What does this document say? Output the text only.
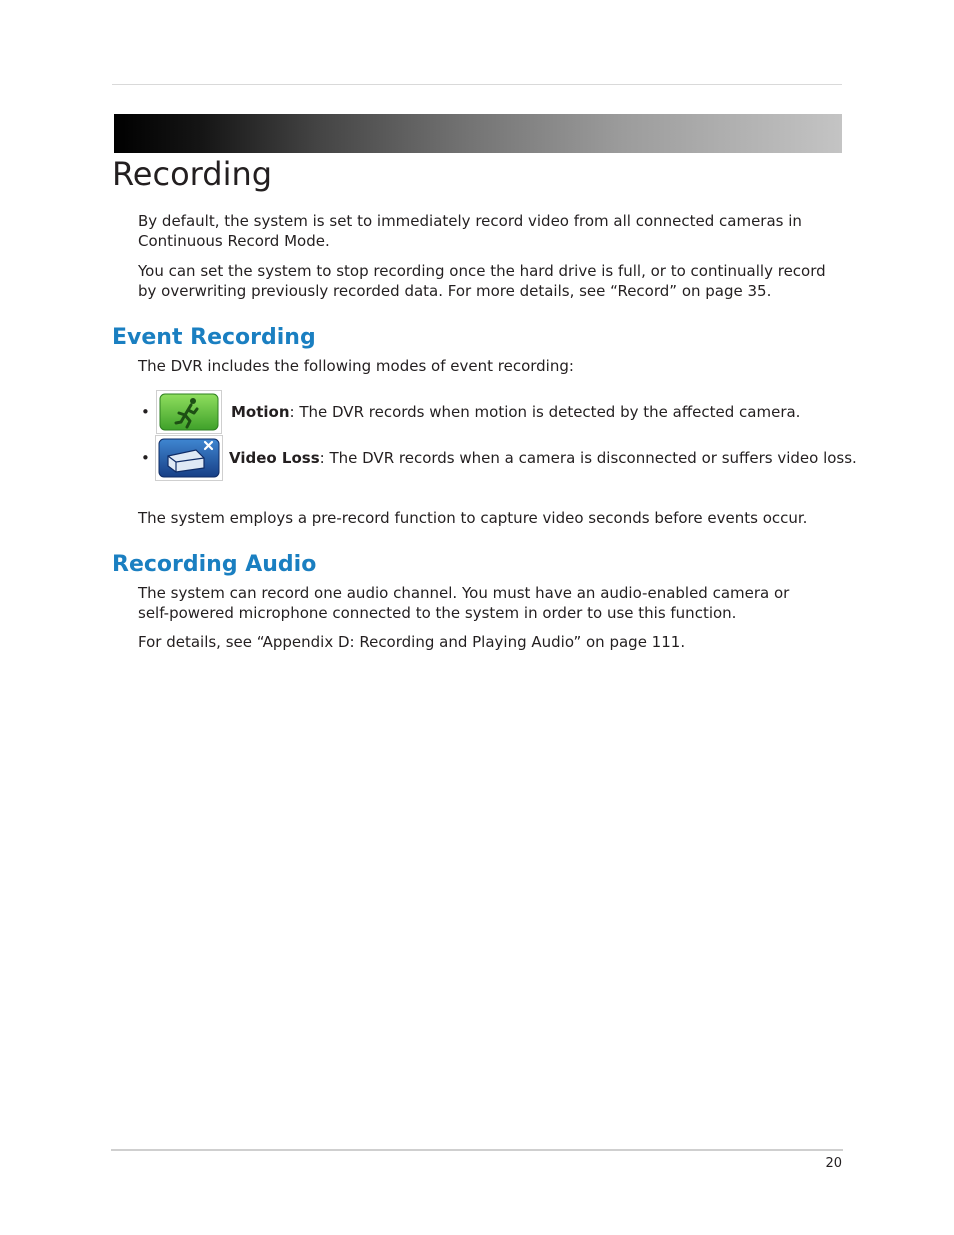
Recording

By default, the system is set to immediately record video from all connected cameras in Continuous Record Mode.

You can set the system to stop recording once the hard drive is full, or to continually record by overwriting previously recorded data. For more details, see “Record” on page 35.

Event Recording

The DVR includes the following modes of event recording:

•	Motion: The DVR records when motion is detected by the affected camera.
•	Video Loss: The DVR records when a camera is disconnected or suffers video loss.

The system employs a pre-record function to capture video seconds before events occur.

Recording Audio

The system can record one audio channel. You must have an audio-enabled camera or self-powered microphone connected to the system in order to use this function.

For details, see “Appendix D: Recording and Playing Audio” on page 111.

20
